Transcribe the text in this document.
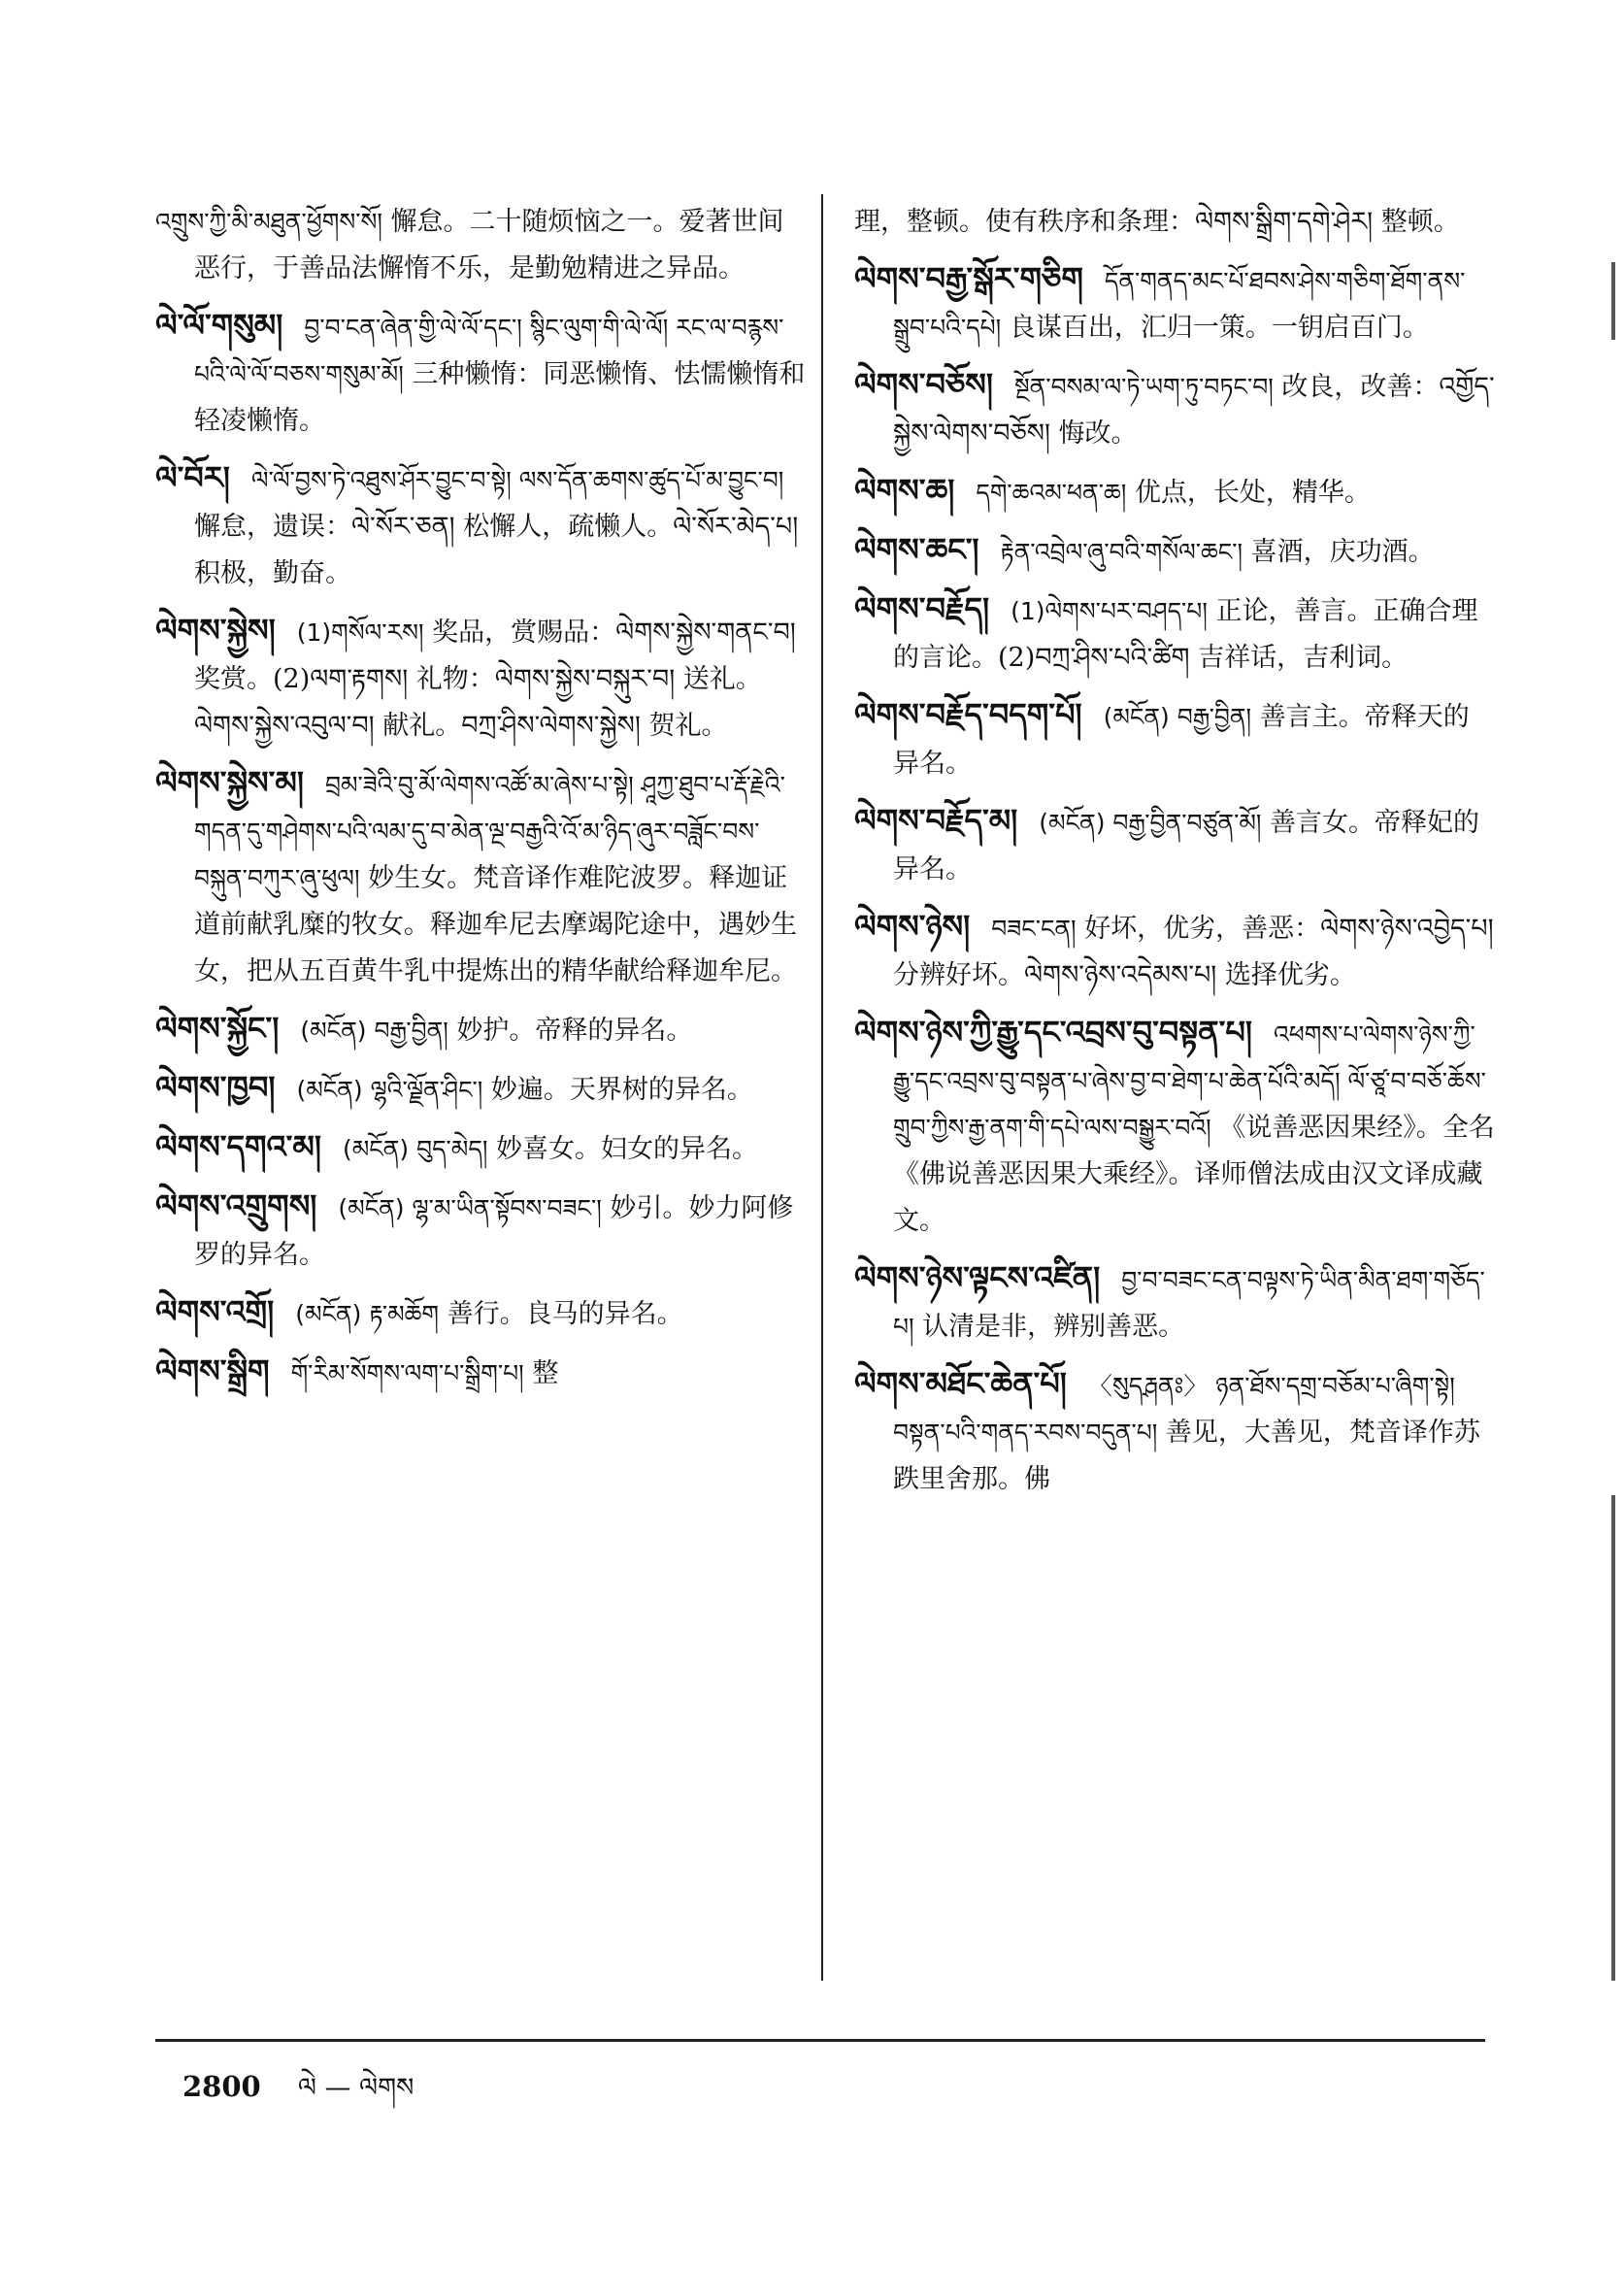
འགྲུས་ཀྱི་མི་མཐུན་ཕྱོགས་སོ། 懈怠。二十随烦恼之一。爱著世间恶行，于善品法懈惰不乐，是勤勉精进之异品。
ལེ་ལོ་གསུམ། བྱ་བ་ངན་ཞེན་གྱི་ལེ་ལོ་དང་། སྙིང་ལུག་གི་ལེ་ལོ། རང་ལ་བརྙས་པའི་ལེ་ལོ་བཅས་གསུམ་མོ། 三种懒惰：同恶懒惰、怯懦懒惰和轻凌懒惰。
ལེ་བོར། ལེ་ལོ་བྱས་ཏེ་འཐུས་ཤོར་བྱུང་བ་སྟེ། ལས་དོན་ཆགས་ཚུད་པོ་མ་བྱུང་བ། 懈怠，遗误：ལེ་སོར་ཅན། 松懈人，疏懒人。ལེ་སོར་མེད་པ། 积极，勤奋。
ལེགས་སྐྱེས། (1)གསོལ་རས། 奖品，赏赐品：ལེགས་སྐྱེས་གནང་བ། 奖赏。(2)ལག་རྟགས། 礼物：ལེགས་སྐྱེས་བསྐུར་བ། 送礼。ལེགས་སྐྱེས་འབུལ་བ། 献礼。བཀྲ་ཤིས་ལེགས་སྐྱེས། 贺礼。
ལེགས་སྐྱེས་མ། བྲམ་ཟེའི་བུ་མོ་ལེགས་འཚོ་མ་ཞེས་པ་སྟེ། ཤཱཀྱ་ཐུབ་པ་རྡོ་རྗེའི་གདན་དུ་གཤེགས་པའི་ལམ་དུ་བ་མེན་ལྔ་བརྒྱའི་འོ་མ་ཉིད་ཞུར་བཟློང་བས་བསྐུན་བཀུར་ཞུ་ཕུལ། 妙生女。梵音译作难陀波罗。释迦证道前献乳糜的牧女。释迦牟尼去摩竭陀途中，遇妙生女，把从五百黄牛乳中提炼出的精华献给释迦牟尼。
ལེགས་སྐྱོང་། (མངོན) བརྒྱ་བྱིན། 妙护。帝释的异名。
ལེགས་ཁྱབ། (མངོན) ལྷའི་ལྗོན་ཤིང་། 妙遍。天界树的异名。
ལེགས་དགའ་མ། (མངོན) བུད་མེད། 妙喜女。妇女的异名。
ལེགས་འགྲུགས། (མངོན) ལྷ་མ་ཡིན་སྟོབས་བཟང་། 妙引。妙力阿修罗的异名。
ལེགས་འགྲོ། (མངོན) རྟ་མཆོག 善行。良马的异名。
ལེགས་སྒྲིག གོ་རིམ་སོགས་ལག་པ་སྒྲིག་པ། 整
理，整顿。使有秩序和条理：ལེགས་སྒྲིག་དགེ་ཤེར། 整顿。
ལེགས་བརྒྱ་སྒོར་གཅིག དོན་གནད་མང་པོ་ཐབས་ཤེས་གཅིག་ཐོག་ནས་སྒྲུབ་པའི་དཔེ། 良谋百出，汇归一策。一钥启百门。
ལེགས་བཅོས། སྔོན་བསམ་ལ་ཏེ་ཡག་ཏུ་བཏང་བ། 改良，改善：འགྱོད་སྐྱེས་ལེགས་བཅོས། 悔改。
ལེགས་ཆ། དགེ་ཆའམ་ཕན་ཆ། 优点，长处，精华。
ལེགས་ཆང་། རྟེན་འབྲེལ་ཞུ་བའི་གསོལ་ཆང་། 喜酒，庆功酒。
ལེགས་བརྗོད། (1)ལེགས་པར་བཤད་པ། 正论，善言。正确合理的言论。(2)བཀྲ་ཤིས་པའི་ཚིག 吉祥话，吉利词。
ལེགས་བརྗོད་བདག་པོ། (མངོན) བརྒྱ་བྱིན། 善言主。帝释天的异名。
ལེགས་བརྗོད་མ། (མངོན) བརྒྱ་བྱིན་བཙུན་མོ། 善言女。帝释妃的异名。
ལེགས་ཉེས། བཟང་ངན། 好坏，优劣，善恶：ལེགས་ཉེས་འབྱེད་པ། 分辨好坏。ལེགས་ཉེས་འདེམས་པ། 选择优劣。
ལེགས་ཉེས་ཀྱི་རྒྱུ་དང་འབྲས་བུ་བསྟན་པ། འཕགས་པ་ལེགས་ཉེས་ཀྱི་རྒྱུ་དང་འབྲས་བུ་བསྟན་པ་ཞེས་བྱ་བ་ཐེག་པ་ཆེན་པོའི་མདོ། ལོ་ཙཱ་བ་བཅོ་ཆོས་གྲུབ་ཀྱིས་རྒྱ་ནག་གི་དཔེ་ལས་བསྒྱུར་བའོ། 《说善恶因果经》。全名《佛说善恶因果大乘经》。译师僧法成由汉文译成藏文。
ལེགས་ཉེས་ལྟངས་འཛིན། བྱ་བ་བཟང་ངན་བལྟས་ཏེ་ཡིན་མིན་ཐག་གཅོད་པ། 认清是非，辨别善恶。
ལེགས་མཐོང་ཆེན་པོ། 〈སུདརྴནཿ〉 ཉན་ཐོས་དགྲ་བཅོམ་པ་ཞིག་སྟེ། བསྟན་པའི་གནད་རབས་བདུན་པ། 善见，大善见，梵音译作苏跌里舍那。佛
2800 ལེ — ལེགས
